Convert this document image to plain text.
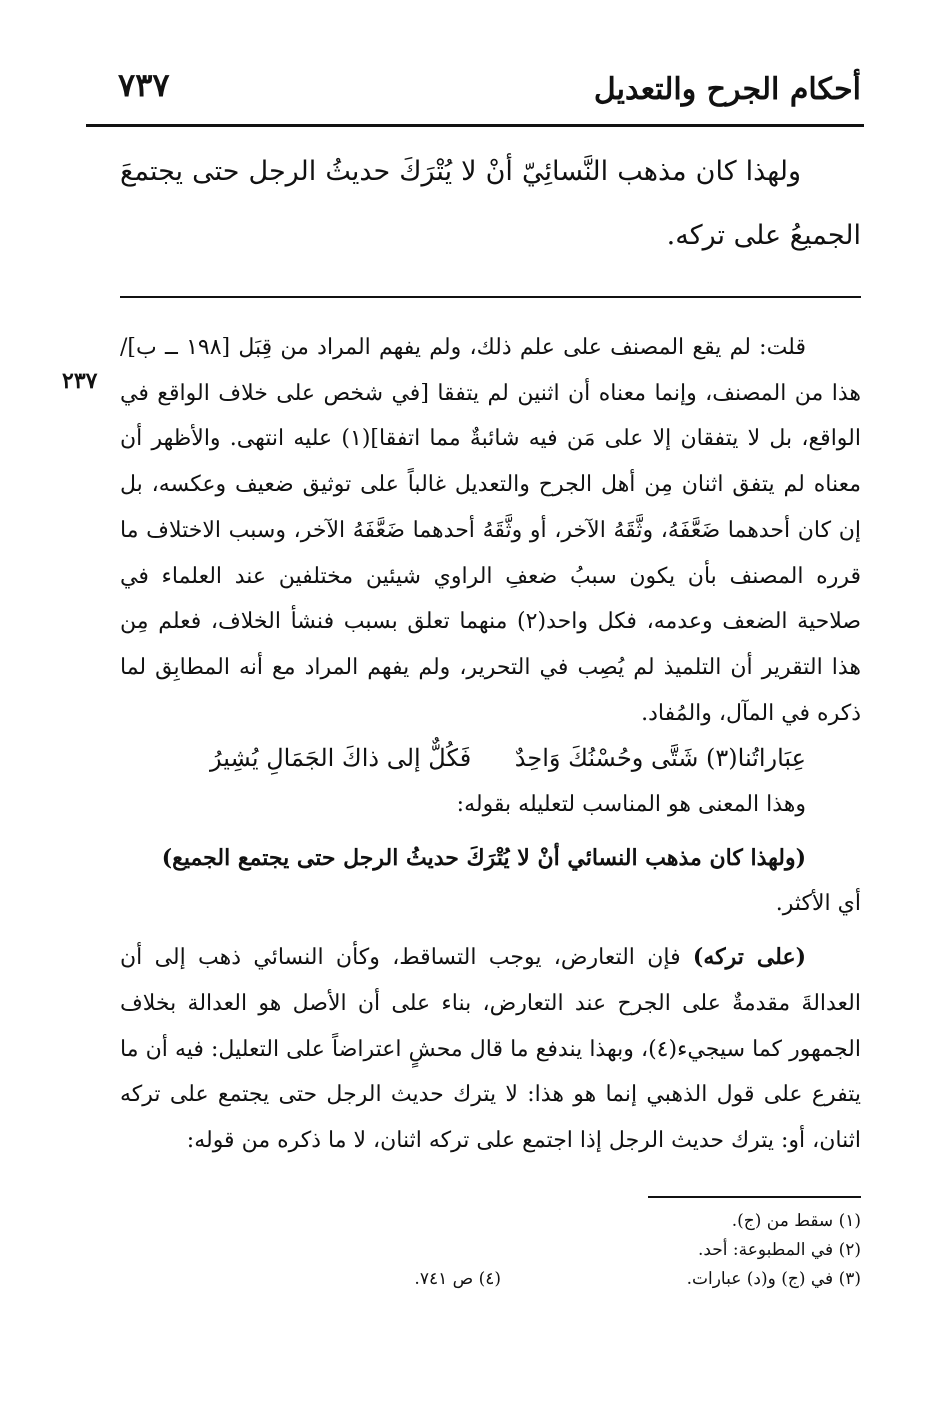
أحكام الجرح والتعديل
٧٣٧

ولهذا كان مذهب النَّسائِيّ أنْ لا يُتْرَكَ حديثُ الرجل حتى يجتمعَ الجميعُ على تركه.

٢٣٧

قلت: لم يقع المصنف على علم ذلك، ولم يفهم المراد من قِبَل [١٩٨ ــ ب]/ هذا من المصنف، وإنما معناه أن اثنين لم يتفقا [في شخص على خلاف الواقع في الواقع، بل لا يتفقان إلا على مَن فيه شائبةٌ مما اتفقا](١) عليه انتهى. والأظهر أن معناه لم يتفق اثنان مِن أهل الجرح والتعديل غالباً على توثيق ضعيف وعكسه، بل إن كان أحدهما ضَعَّفَهُ، وثَّقَهُ الآخر، أو وثَّقَهُ أحدهما ضَعَّفَهُ الآخر، وسبب الاختلاف ما قرره المصنف بأن يكون سببُ ضعفِ الراوي شيئين مختلفين عند العلماء في صلاحية الضعف وعدمه، فكل واحد(٢) منهما تعلق بسبب فنشأ الخلاف، فعلم مِن هذا التقرير أن التلميذ لم يُصِب في التحرير، ولم يفهم المراد مع أنه المطابِق لما ذكره في المآل، والمُفاد.

عِبَاراتُنا(٣) شَتَّى وحُسْنُكَ وَاحِدٌ
فَكُلٌّ إلى ذاكَ الجَمَالِ يُشِيرُ

وهذا المعنى هو المناسب لتعليله بقوله:

(ولهذا كان مذهب النسائي أنْ لا يُتْرَكَ حديثُ الرجل حتى يجتمع الجميع)

أي الأكثر.

(على تركه) فإن التعارض، يوجب التساقط، وكأن النسائي ذهب إلى أن العدالةَ مقدمةٌ على الجرح عند التعارض، بناء على أن الأصل هو العدالة بخلاف الجمهور كما سيجيء(٤)، وبهذا يندفع ما قال محشٍ اعتراضاً على التعليل: فيه أن ما يتفرع على قول الذهبي إنما هو هذا: لا يترك حديث الرجل حتى يجتمع على تركه اثنان، أو: يترك حديث الرجل إذا اجتمع على تركه اثنان، لا ما ذكره من قوله:

(١) سقط من (ج).
(٢) في المطبوعة: أحد.
(٣) في (ج) و(د) عبارات.
(٤) ص ٧٤١.
